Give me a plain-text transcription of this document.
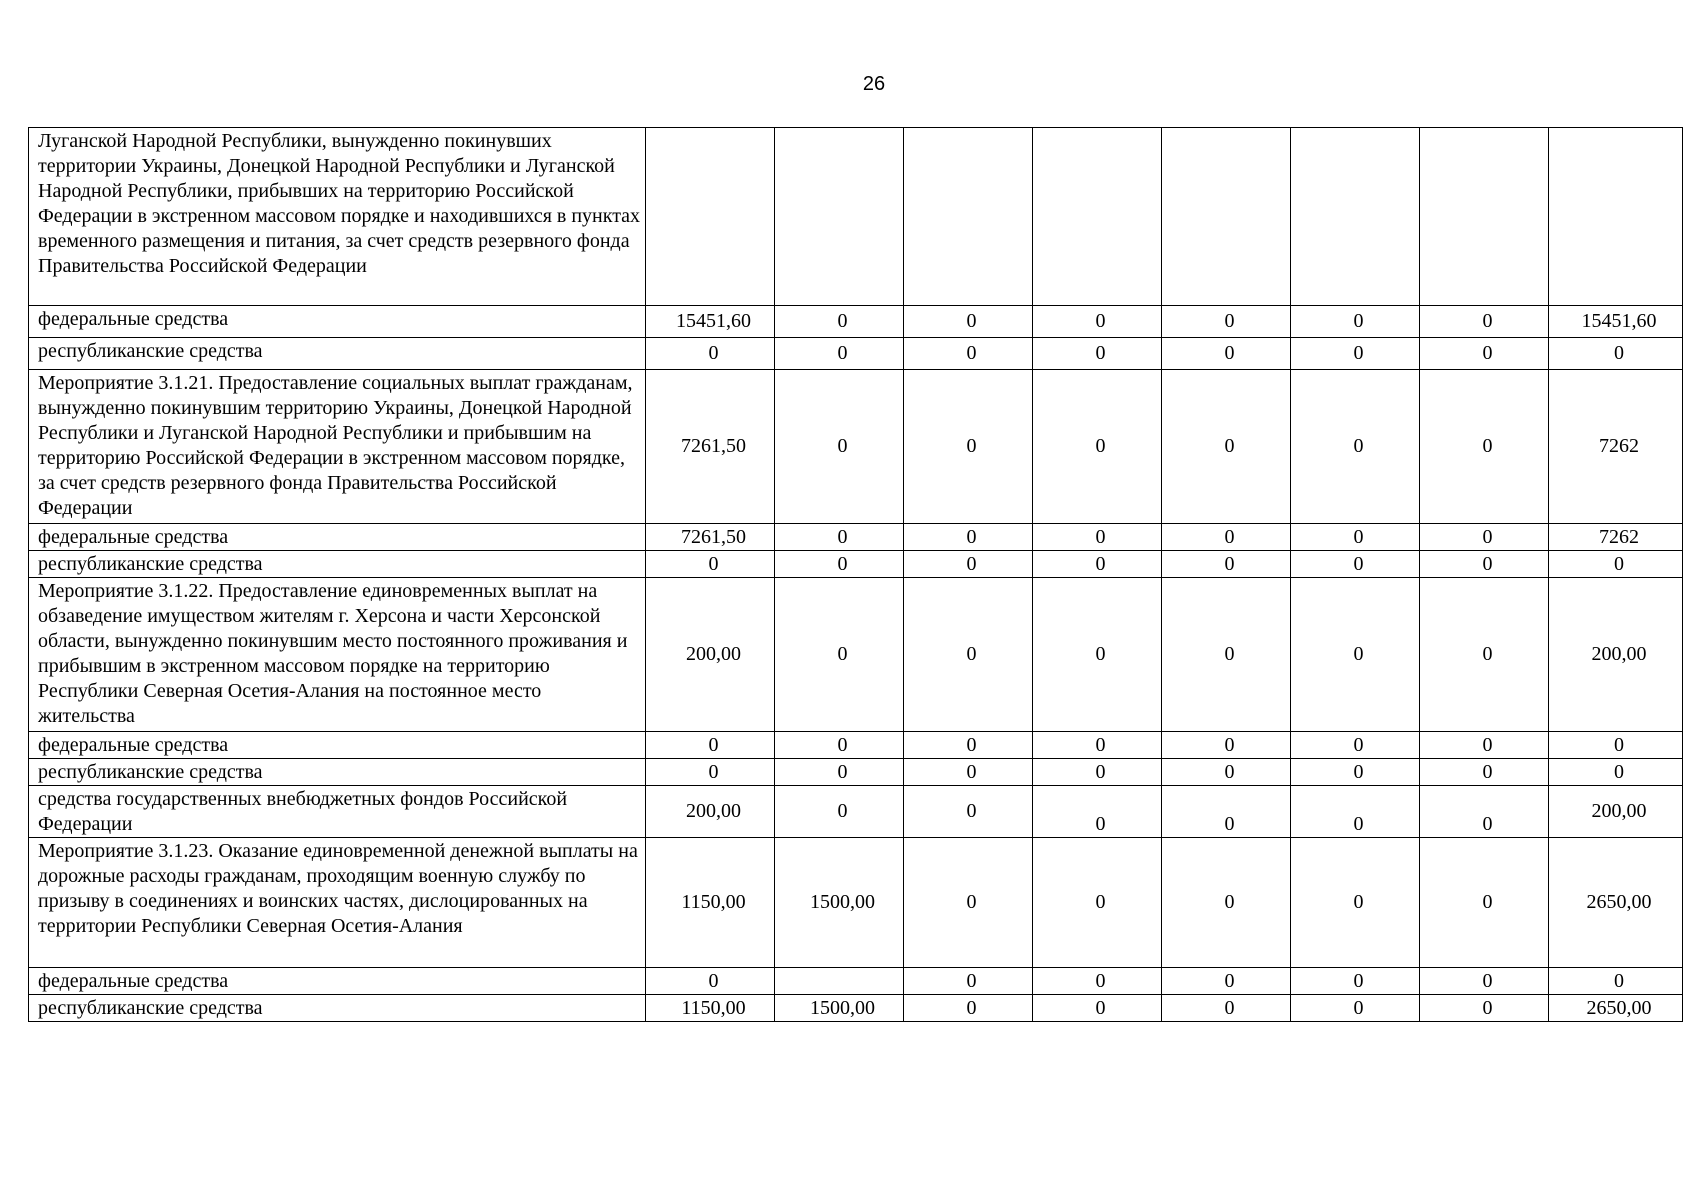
26
Луганской Народной Республики, вынужденно покинувших территории Украины, Донецкой Народной Республики и Луганской Народной Республики, прибывших на территорию Российской Федерации в экстренном массовом порядке и находившихся в пунктах временного размещения и питания, за счет средств резервного фонда Правительства Российской Федерации								
федеральные средства	15451,60	0	0	0	0	0	0	15451,60
республиканские средства	0	0	0	0	0	0	0	0
Мероприятие 3.1.21. Предоставление социальных выплат гражданам, вынужденно покинувшим территорию Украины, Донецкой Народной Республики и Луганской Народной Республики и прибывшим на территорию Российской Федерации в экстренном массовом порядке, за счет средств резервного фонда Правительства Российской Федерации	7261,50	0	0	0	0	0	0	7262
федеральные средства	7261,50	0	0	0	0	0	0	7262
республиканские средства	0	0	0	0	0	0	0	0
Мероприятие 3.1.22. Предоставление единовременных выплат на обзаведение имуществом жителям г. Херсона и части Херсонской области, вынужденно покинувшим место постоянного проживания и прибывшим в экстренном массовом порядке на территорию Республики Северная Осетия-Алания на постоянное место жительства	200,00	0	0	0	0	0	0	200,00
федеральные средства	0	0	0	0	0	0	0	0
республиканские средства	0	0	0	0	0	0	0	0
средства государственных внебюджетных фондов Российской Федерации	200,00	0	0	0	0	0	0	200,00
Мероприятие 3.1.23. Оказание единовременной денежной выплаты на дорожные расходы гражданам, проходящим военную службу по призыву в соединениях и воинских частях, дислоцированных на территории Республики Северная Осетия-Алания	1150,00	1500,00	0	0	0	0	0	2650,00
федеральные средства	0		0	0	0	0	0	0
республиканские средства	1150,00	1500,00	0	0	0	0	0	2650,00
